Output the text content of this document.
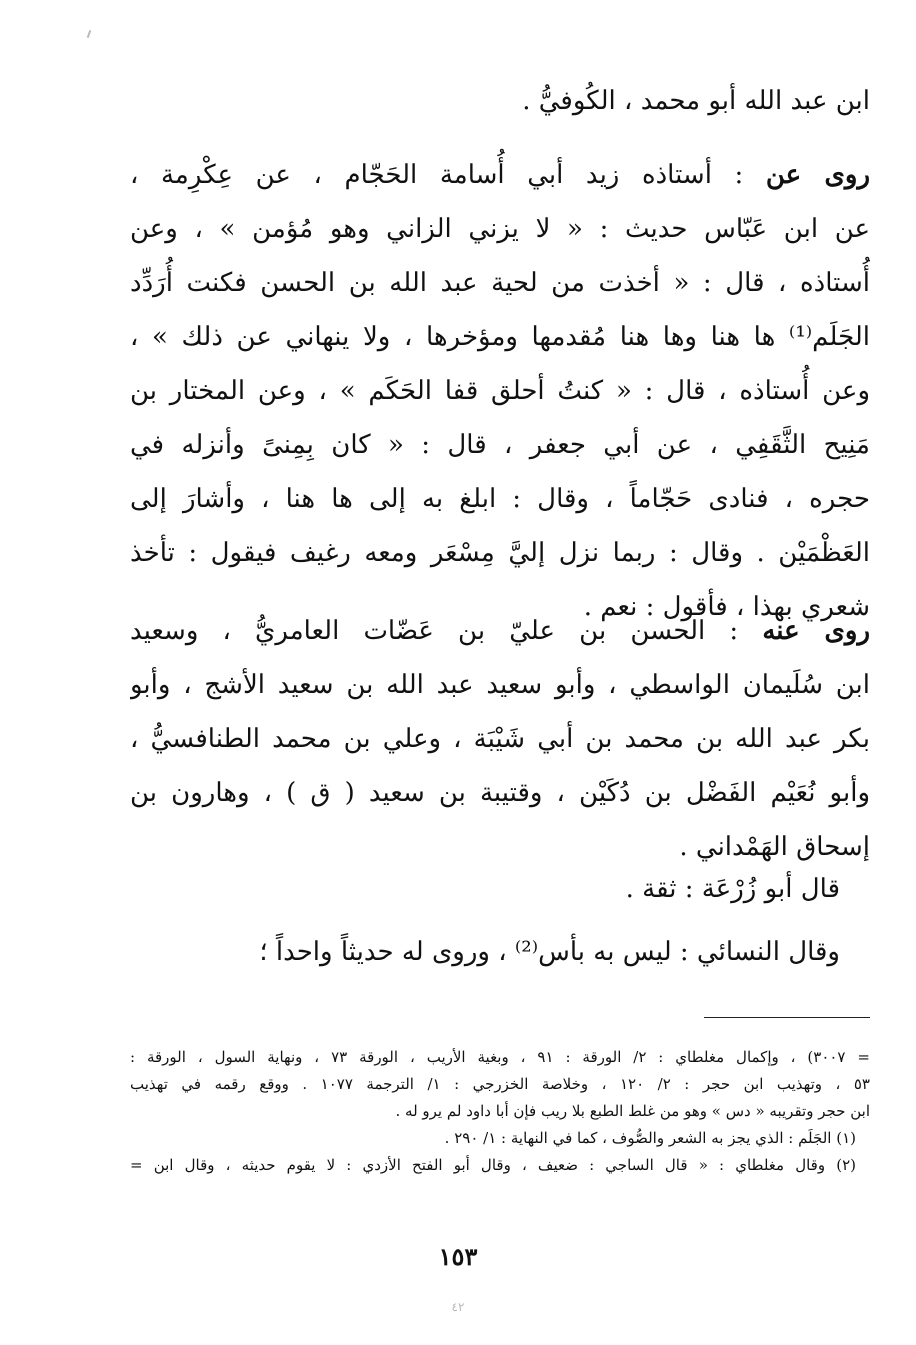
ابن عبد الله أبو محمد ، الكُوفيُّ .
روى عن : أستاذه زيد أبي أُسامة الحَجّام ، عن عِكْرِمة ،
عن ابن عَبّاس حديث : « لا يزني الزاني وهو مُؤمن » ، وعن
أُستاذه ، قال : « أخذت من لحية عبد الله بن الحسن فكنت أُرَدِّد
الجَلَم⁽¹⁾ ها هنا وها هنا مُقدمها ومؤخرها ، ولا ينهاني عن ذلك » ،
وعن أُستاذه ، قال : « كنتُ أحلق قفا الحَكَم » ، وعن المختار بن
مَنِيح الثَّقَفِي ، عن أبي جعفر ، قال : « كان بِمِنىً وأنزله في
حجره ، فنادى حَجّاماً ، وقال : ابلغ به إلى ها هنا ، وأشارَ إلى
العَظْمَيْن . وقال : ربما نزل إليَّ مِسْعَر ومعه رغيف فيقول : تأخذ
شعري بهذا ، فأقول : نعم .
روى عنه : الحسن بن عليّ بن عَضّات العامريُّ ، وسعيد
ابن سُلَيمان الواسطي ، وأبو سعيد عبد الله بن سعيد الأشج ، وأبو
بكر عبد الله بن محمد بن أبي شَيْبَة ، وعلي بن محمد الطنافسيُّ ،
وأبو نُعَيْم الفَضْل بن دُكَيْن ، وقتيبة بن سعيد ( ق ) ، وهارون بن
إسحاق الهَمْداني .
قال أبو زُرْعَة : ثقة .
وقال النسائي : ليس به بأس⁽²⁾ ، وروى له حديثاً واحداً ؛
= ٣٠٠٧) ، وإكمال مغلطاي : ٢/ الورقة : ٩١ ، وبغية الأريب ، الورقة ٧٣ ، ونهاية السول ، الورقة :
٥٣ ، وتهذيب ابن حجر : ٢/ ١٢٠ ، وخلاصة الخزرجي : ١/ الترجمة ١٠٧٧ . ووقع رقمه في تهذيب
ابن حجر وتقريبه « دس » وهو من غلط الطبع بلا ريب فإن أبا داود لم يرو له .
(١) الجَلَم : الذي يجز به الشعر والصُّوف ، كما في النهاية : ١/ ٢٩٠ .
(٢) وقال مغلطاي : « قال الساجي : ضعيف ، وقال أبو الفتح الأزدي : لا يقوم حديثه ، وقال ابن =
١٥٣
٤٢
